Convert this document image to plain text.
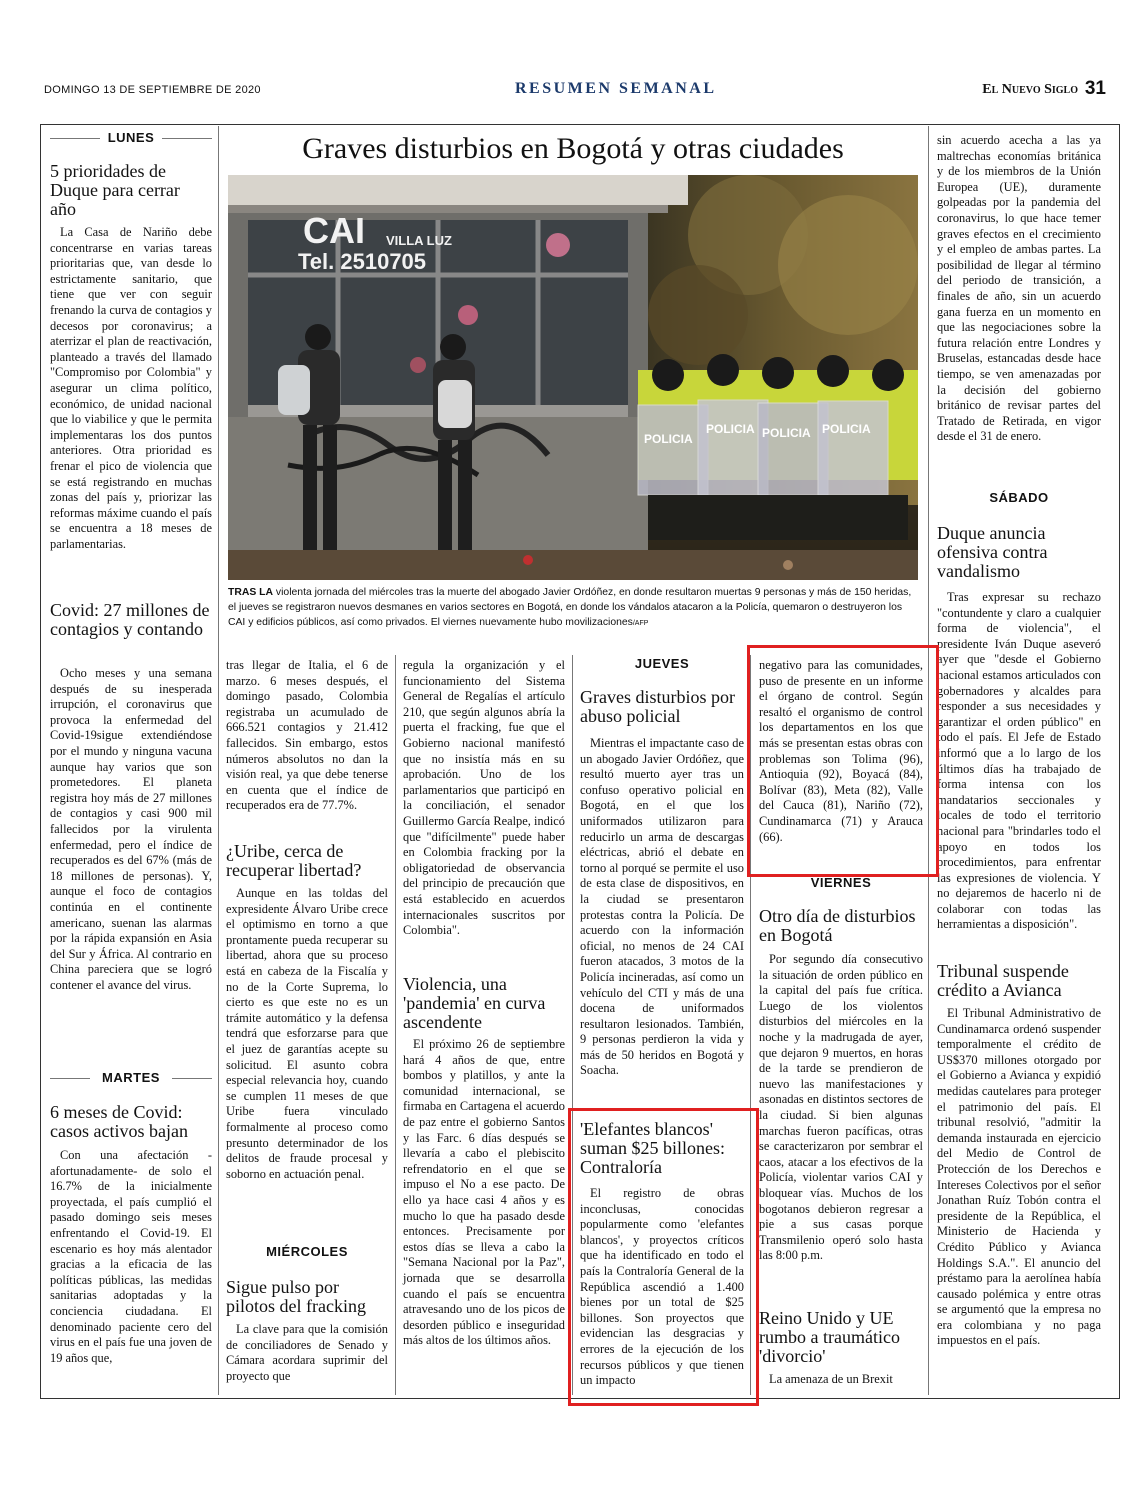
DOMINGO 13 DE SEPTIEMBRE DE 2020	RESUMEN SEMANAL	El Nuevo Siglo 31
Graves disturbios en Bogotá y otras ciudades
CAI VILLA LUZ
Tel. 2510705
POLICIA
POLICIA POLICIA POLICIA
TRAS LA violenta jornada del miércoles tras la muerte del abogado Javier Ordóñez, en donde resultaron muertas 9 personas y más de 150 heridas, el jueves se registraron nuevos desmanes en varios sectores en Bogotá, en donde los vándalos atacaron a la Policía, quemaron o destruyeron los CAI y edificios públicos, así como privados. El viernes nuevamente hubo movilizaciones/AFP
LUNES
5 prioridades de Duque para cerrar año

La Casa de Nariño debe concentrarse en varias tareas prioritarias que, van desde lo estrictamente sanitario, que tiene que ver con seguir frenando la curva de contagios y decesos por coronavirus; a aterrizar el plan de reactivación, planteado a través del llamado "Compromiso por Colombia" y asegurar un clima político, económico, de unidad nacional que lo viabilice y que le permita implementaras los dos puntos anteriores. Otra prioridad es frenar el pico de violencia que se está registrando en muchas zonas del país y, priorizar las reformas máxime cuando el país se encuentra a 18 meses de parlamentarias.

Covid: 27 millones de contagios y contando

Ocho meses y una semana después de su inesperada irrupción, el coronavirus que provoca la enfermedad del Covid-19sigue extendiéndose por el mundo y ninguna vacuna aunque hay varios que son prometedores. El planeta registra hoy más de 27 millones de contagios y casi 900 mil fallecidos por la virulenta enfermedad, pero el índice de recuperados es del 67% (más de 18 millones de personas). Y, aunque el foco de contagios continúa en el continente americano, suenan las alarmas por la rápida expansión en Asia del Sur y África. Al contrario en China pareciera que se logró contener el avance del virus.

MARTES
6 meses de Covid: casos activos bajan

Con una afectación -afortunadamente- de solo el 16.7% de la inicialmente proyectada, el país cumplió el pasado domingo seis meses enfrentando el Covid-19. El escenario es hoy más alentador gracias a la eficacia de las políticas públicas, las medidas sanitarias adoptadas y la conciencia ciudadana. El denominado paciente cero del virus en el país fue una joven de 19 años que,

tras llegar de Italia, el 6 de marzo. 6 meses después, el domingo pasado, Colombia registraba un acumulado de 666.521 contagios y 21.412 fallecidos. Sin embargo, estos números absolutos no dan la visión real, ya que debe tenerse en cuenta que el índice de recuperados era de 77.7%.

¿Uribe, cerca de recuperar libertad?

Aunque en las toldas del expresidente Álvaro Uribe crece el optimismo en torno a que prontamente pueda recuperar su libertad, ahora que su proceso está en cabeza de la Fiscalía y no de la Corte Suprema, lo cierto es que este no es un trámite automático y la defensa tendrá que esforzarse para que el juez de garantías acepte su solicitud. El asunto cobra especial relevancia hoy, cuando se cumplen 11 meses de que Uribe fuera vinculado formalmente al proceso como presunto determinador de los delitos de fraude procesal y soborno en actuación penal.

MIÉRCOLES
Sigue pulso por pilotos del fracking

La clave para que la comisión de conciliadores de Senado y Cámara acordara suprimir del proyecto que

regula la organización y el funcionamiento del Sistema General de Regalías el artículo 210, que según algunos abría la puerta el fracking, fue que el Gobierno nacional manifestó que no insistía más en su aprobación. Uno de los parlamentarios que participó en la conciliación, el senador Guillermo García Realpe, indicó que "difícilmente" puede haber en Colombia fracking por la obligatoriedad de observancia del principio de precaución que está establecido en acuerdos internacionales suscritos por Colombia".

Violencia, una 'pandemia' en curva ascendente

El próximo 26 de septiembre hará 4 años de que, entre bombos y platillos, y ante la comunidad internacional, se firmaba en Cartagena el acuerdo de paz entre el gobierno Santos y las Farc. 6 días después se llevaría a cabo el plebiscito refrendatorio en el que se impuso el No a ese pacto. De ello ya hace casi 4 años y es mucho lo que ha pasado desde entonces. Precisamente por estos días se lleva a cabo la "Semana Nacional por la Paz", jornada que se desarrolla cuando el país se encuentra atravesando uno de los picos de desorden público e inseguridad más altos de los últimos años.

JUEVES
Graves disturbios por abuso policial

Mientras el impactante caso de un abogado Javier Ordóñez, que resultó muerto ayer tras un confuso operativo policial en Bogotá, en el que los uniformados utilizaron para reducirlo un arma de descargas eléctricas, abrió el debate en torno al porqué se permite el uso de esta clase de dispositivos, en la ciudad se presentaron protestas contra la Policía. De acuerdo con la información oficial, no menos de 24 CAI fueron atacados, 3 motos de la Policía incineradas, así como un vehículo del CTI y más de una docena de uniformados resultaron lesionados. También, 9 personas perdieron la vida y más de 50 heridos en Bogotá y Soacha.

'Elefantes blancos' suman $25 billones: Contraloría

El registro de obras inconclusas, conocidas popularmente como 'elefantes blancos', y proyectos críticos que ha identificado en todo el país la Contraloría General de la República ascendió a 1.400 bienes por un total de $25 billones. Son proyectos que evidencian las desgracias y errores de la ejecución de los recursos públicos y que tienen un impacto

negativo para las comunidades, puso de presente en un informe el órgano de control. Según resaltó el organismo de control los departamentos en los que más se presentan estas obras con problemas son Tolima (96), Antioquia (92), Boyacá (84), Bolívar (83), Meta (82), Valle del Cauca (81), Nariño (72), Cundinamarca (71) y Arauca (66).

VIERNES
Otro día de disturbios en Bogotá

Por segundo día consecutivo la situación de orden público en la capital del país fue crítica. Luego de los violentos disturbios del miércoles en la noche y la madrugada de ayer, que dejaron 9 muertos, en horas de la tarde se prendieron de nuevo las manifestaciones y asonadas en distintos sectores de la ciudad. Si bien algunas marchas fueron pacíficas, otras se caracterizaron por sembrar el caos, atacar a los efectivos de la Policía, violentar varios CAI y bloquear vías. Muchos de los bogotanos debieron regresar a pie a sus casas porque Transmilenio operó solo hasta las 8:00 p.m.

Reino Unido y UE rumbo a traumático 'divorcio'

La amenaza de un Brexit

sin acuerdo acecha a las ya maltrechas economías británica y de los miembros de la Unión Europea (UE), duramente golpeadas por la pandemia del coronavirus, lo que hace temer graves efectos en el crecimiento y el empleo de ambas partes. La posibilidad de llegar al término del periodo de transición, a finales de año, sin un acuerdo gana fuerza en un momento en que las negociaciones sobre la futura relación entre Londres y Bruselas, estancadas desde hace tiempo, se ven amenazadas por la decisión del gobierno británico de revisar partes del Tratado de Retirada, en vigor desde el 31 de enero.

SÁBADO
Duque anuncia ofensiva contra vandalismo

Tras expresar su rechazo "contundente y claro a cualquier forma de violencia", el presidente Iván Duque aseveró ayer que "desde el Gobierno nacional estamos articulados con gobernadores y alcaldes para responder a sus necesidades y garantizar el orden público" en todo el país. El Jefe de Estado informó que a lo largo de los últimos días ha trabajado de forma intensa con los mandatarios seccionales y locales de todo el territorio nacional para "brindarles todo el apoyo en todos los procedimientos, para enfrentar las expresiones de violencia. Y no dejaremos de hacerlo ni de colaborar con todas las herramientas a disposición".

Tribunal suspende crédito a Avianca

El Tribunal Administrativo de Cundinamarca ordenó suspender temporalmente el crédito de US$370 millones otorgado por el Gobierno a Avianca y expidió medidas cautelares para proteger el patrimonio del país. El tribunal resolvió, "admitir la demanda instaurada en ejercicio del Medio de Control de Protección de los Derechos e Intereses Colectivos por el señor Jonathan Ruíz Tobón contra el presidente de la República, el Ministerio de Hacienda y Crédito Público y Avianca Holdings S.A.". El anuncio del préstamo para la aerolínea había causado polémica y entre otras se argumentó que la empresa no era colombiana y no paga impuestos en el país.
